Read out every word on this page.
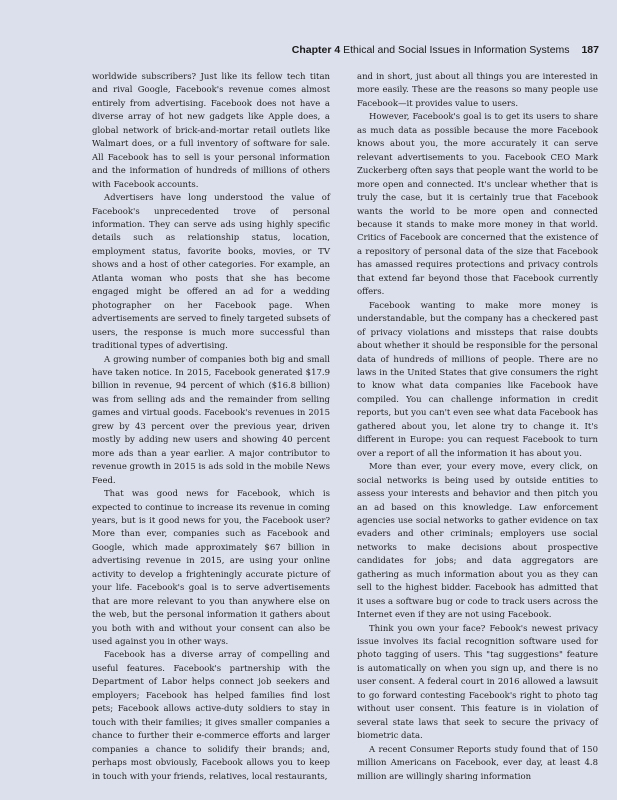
Chapter 4 Ethical and Social Issues in Information Systems 187

worldwide subscribers? Just like its fellow tech titan and rival Google, Facebook's revenue comes almost entirely from advertising. Facebook does not have a diverse array of hot new gadgets like Apple does, a global network of brick-and-mortar retail outlets like Walmart does, or a full inventory of software for sale. All Facebook has to sell is your personal information and the information of hundreds of millions of others with Facebook accounts.

Advertisers have long understood the value of Facebook's unprecedented trove of personal information. They can serve ads using highly specific details such as relationship status, location, employment status, favorite books, movies, or TV shows and a host of other categories. For example, an Atlanta woman who posts that she has become engaged might be offered an ad for a wedding photographer on her Facebook page. When advertisements are served to finely targeted subsets of users, the response is much more successful than traditional types of advertising.

A growing number of companies both big and small have taken notice. In 2015, Facebook generated $17.9 billion in revenue, 94 percent of which ($16.8 billion) was from selling ads and the remainder from selling games and virtual goods. Facebook's revenues in 2015 grew by 43 percent over the previous year, driven mostly by adding new users and showing 40 percent more ads than a year earlier. A major contributor to revenue growth in 2015 is ads sold in the mobile News Feed.

That was good news for Facebook, which is expected to continue to increase its revenue in coming years, but is it good news for you, the Facebook user? More than ever, companies such as Facebook and Google, which made approximately $67 billion in advertising revenue in 2015, are using your online activity to develop a frighteningly accurate picture of your life. Facebook's goal is to serve advertisements that are more relevant to you than anywhere else on the web, but the personal information it gathers about you both with and without your consent can also be used against you in other ways.

Facebook has a diverse array of compelling and useful features. Facebook's partnership with the Department of Labor helps connect job seekers and employers; Facebook has helped families find lost pets; Facebook allows active-duty soldiers to stay in touch with their families; it gives smaller companies a chance to further their e-commerce efforts and larger companies a chance to solidify their brands; and, perhaps most obviously, Facebook allows you to keep in touch with your friends, relatives, local restaurants,

and in short, just about all things you are interested in more easily. These are the reasons so many people use Facebook—it provides value to users.

However, Facebook's goal is to get its users to share as much data as possible because the more Facebook knows about you, the more accurately it can serve relevant advertisements to you. Facebook CEO Mark Zuckerberg often says that people want the world to be more open and connected. It's unclear whether that is truly the case, but it is certainly true that Facebook wants the world to be more open and connected because it stands to make more money in that world. Critics of Facebook are concerned that the existence of a repository of personal data of the size that Facebook has amassed requires protections and privacy controls that extend far beyond those that Facebook currently offers.

Facebook wanting to make more money is understandable, but the company has a checkered past of privacy violations and missteps that raise doubts about whether it should be responsible for the personal data of hundreds of millions of people. There are no laws in the United States that give consumers the right to know what data companies like Facebook have compiled. You can challenge information in credit reports, but you can't even see what data Facebook has gathered about you, let alone try to change it. It's different in Europe: you can request Facebook to turn over a report of all the information it has about you.

More than ever, your every move, every click, on social networks is being used by outside entities to assess your interests and behavior and then pitch you an ad based on this knowledge. Law enforcement agencies use social networks to gather evidence on tax evaders and other criminals; employers use social networks to make decisions about prospective candidates for jobs; and data aggregators are gathering as much information about you as they can sell to the highest bidder. Facebook has admitted that it uses a software bug or code to track users across the Internet even if they are not using Facebook.

Think you own your face? Febook's newest privacy issue involves its facial recognition software used for photo tagging of users. This "tag suggestions" feature is automatically on when you sign up, and there is no user consent. A federal court in 2016 allowed a lawsuit to go forward contesting Facebook's right to photo tag without user consent. This feature is in violation of several state laws that seek to secure the privacy of biometric data.

A recent Consumer Reports study found that of 150 million Americans on Facebook, ever day, at least 4.8 million are willingly sharing information
